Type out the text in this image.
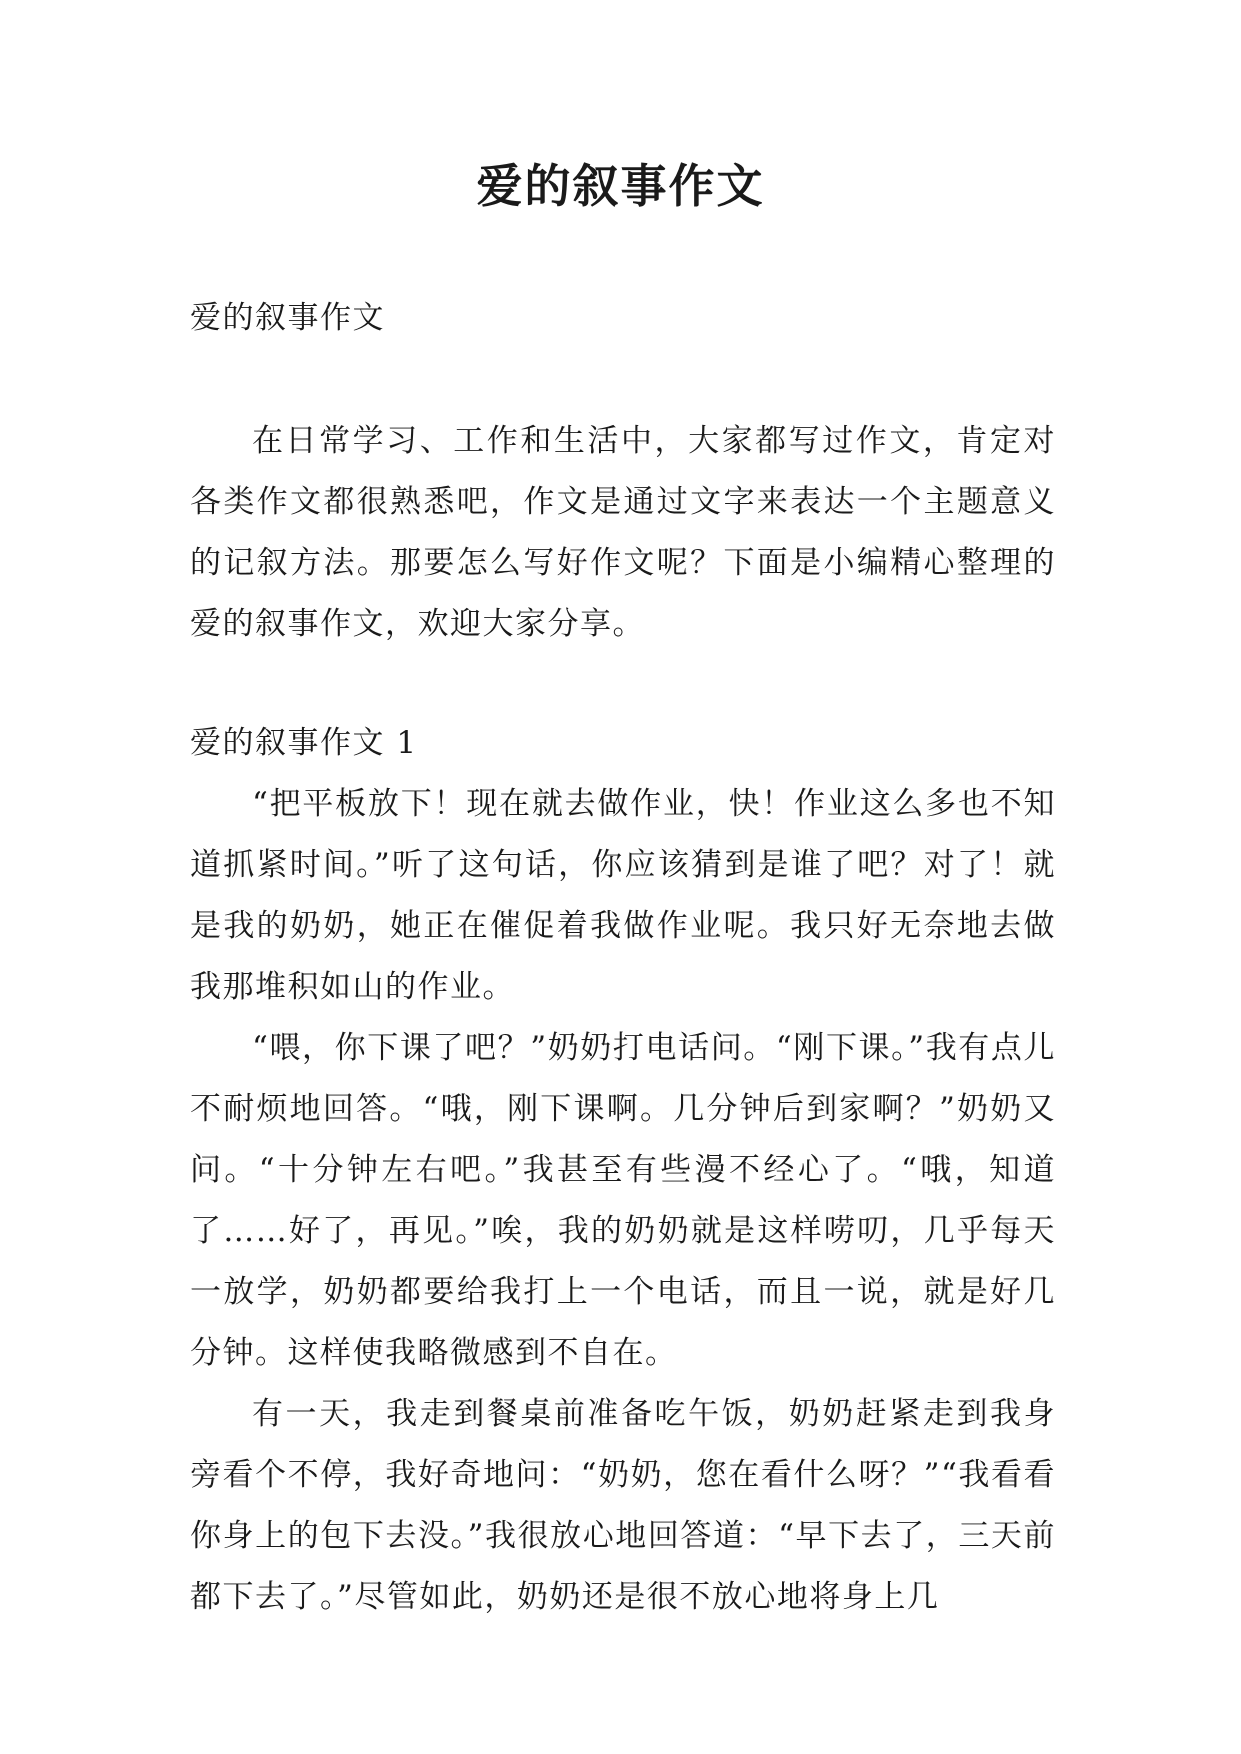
爱的叙事作文

爱的叙事作文

在日常学习、工作和生活中，大家都写过作文，肯定对各类作文都很熟悉吧，作文是通过文字来表达一个主题意义的记叙方法。那要怎么写好作文呢？下面是小编精心整理的爱的叙事作文，欢迎大家分享。

爱的叙事作文 1

“把平板放下！现在就去做作业，快！作业这么多也不知道抓紧时间。”听了这句话，你应该猜到是谁了吧？对了！就是我的奶奶，她正在催促着我做作业呢。我只好无奈地去做我那堆积如山的作业。

“喂，你下课了吧？”奶奶打电话问。“刚下课。”我有点儿不耐烦地回答。“哦，刚下课啊。几分钟后到家啊？”奶奶又问。“十分钟左右吧。”我甚至有些漫不经心了。“哦，知道了……好了，再见。”唉，我的奶奶就是这样唠叨，几乎每天一放学，奶奶都要给我打上一个电话，而且一说，就是好几分钟。这样使我略微感到不自在。

有一天，我走到餐桌前准备吃午饭，奶奶赶紧走到我身旁看个不停，我好奇地问：“奶奶，您在看什么呀？”“我看看你身上的包下去没。”我很放心地回答道：“早下去了，三天前都下去了。”尽管如此，奶奶还是很不放心地将身上几
